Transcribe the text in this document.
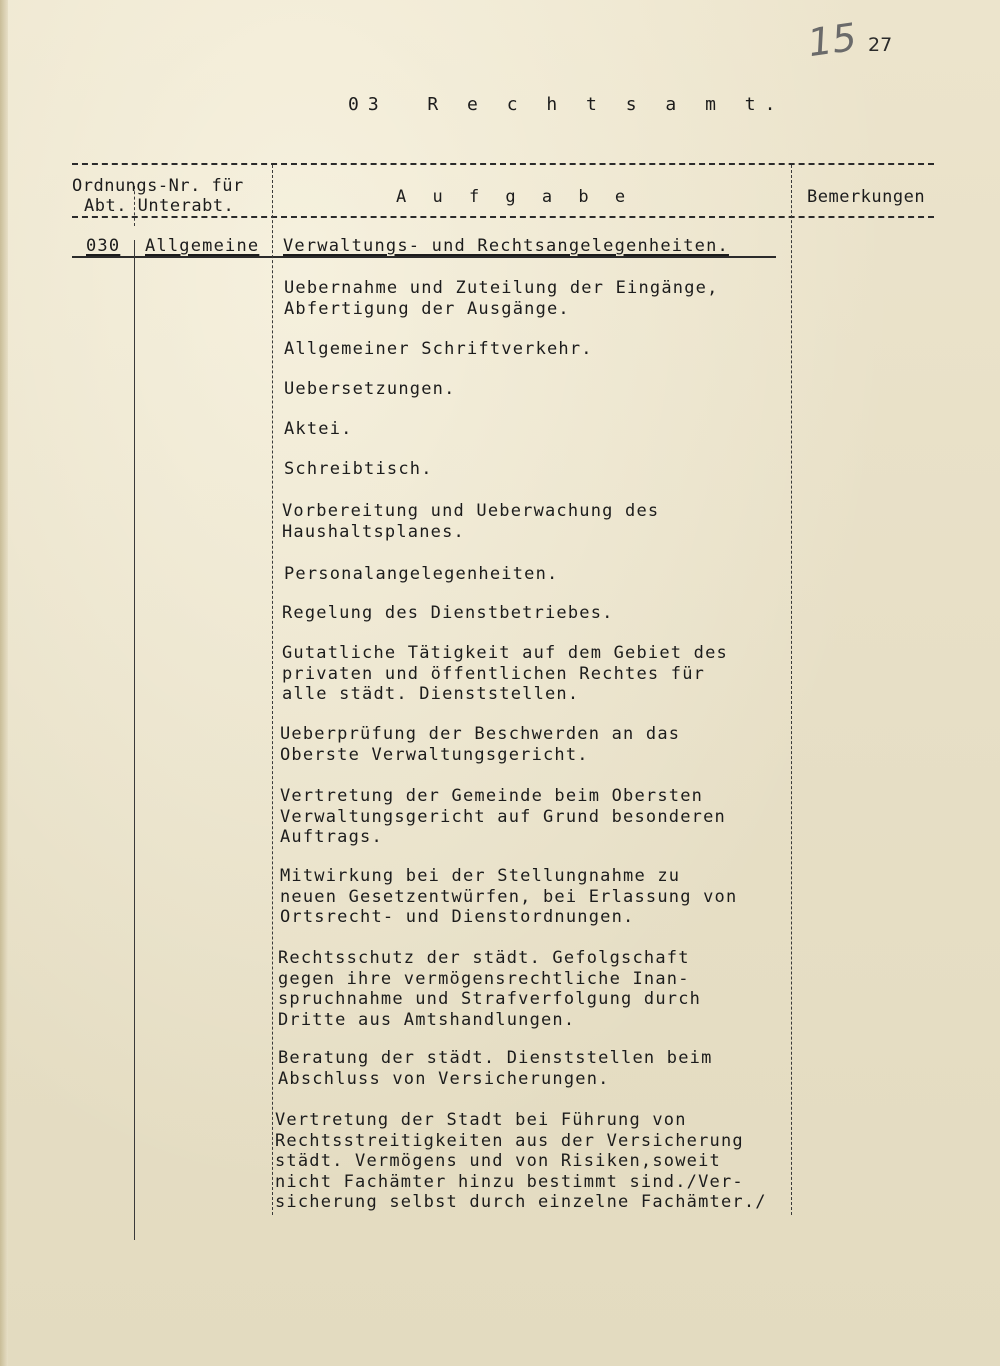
15 27
03  R e c h t s a m t.
Ordnungs-Nr. für
Abt. Unterabt.	A u f g a b e	Bemerkungen
030 Allgemeine Verwaltungs- und Rechtsangelegenheiten.
Uebernahme und Zuteilung der Eingänge,
Abfertigung der Ausgänge.
Allgemeiner Schriftverkehr.
Uebersetzungen.
Aktei.
Schreibtisch.
Vorbereitung und Ueberwachung des
Haushaltsplanes.
Personalangelegenheiten.
Regelung des Dienstbetriebes.
Gutatliche Tätigkeit auf dem Gebiet des
privaten und öffentlichen Rechtes für
alle städt. Dienststellen.
Ueberprüfung der Beschwerden an das
Oberste Verwaltungsgericht.
Vertretung der Gemeinde beim Obersten
Verwaltungsgericht auf Grund besonderen
Auftrags.
Mitwirkung bei der Stellungnahme zu
neuen Gesetzentwürfen, bei Erlassung von
Ortsrecht- und Dienstordnungen.
Rechtsschutz der städt. Gefolgschaft
gegen ihre vermögensrechtliche Inan-
spruchnahme und Strafverfolgung durch
Dritte aus Amtshandlungen.
Beratung der städt. Dienststellen beim
Abschluss von Versicherungen.
Vertretung der Stadt bei Führung von
Rechtsstreitigkeiten aus der Versicherung
städt. Vermögens und von Risiken,soweit
nicht Fachämter hinzu bestimmt sind./Ver-
sicherung selbst durch einzelne Fachämter./
